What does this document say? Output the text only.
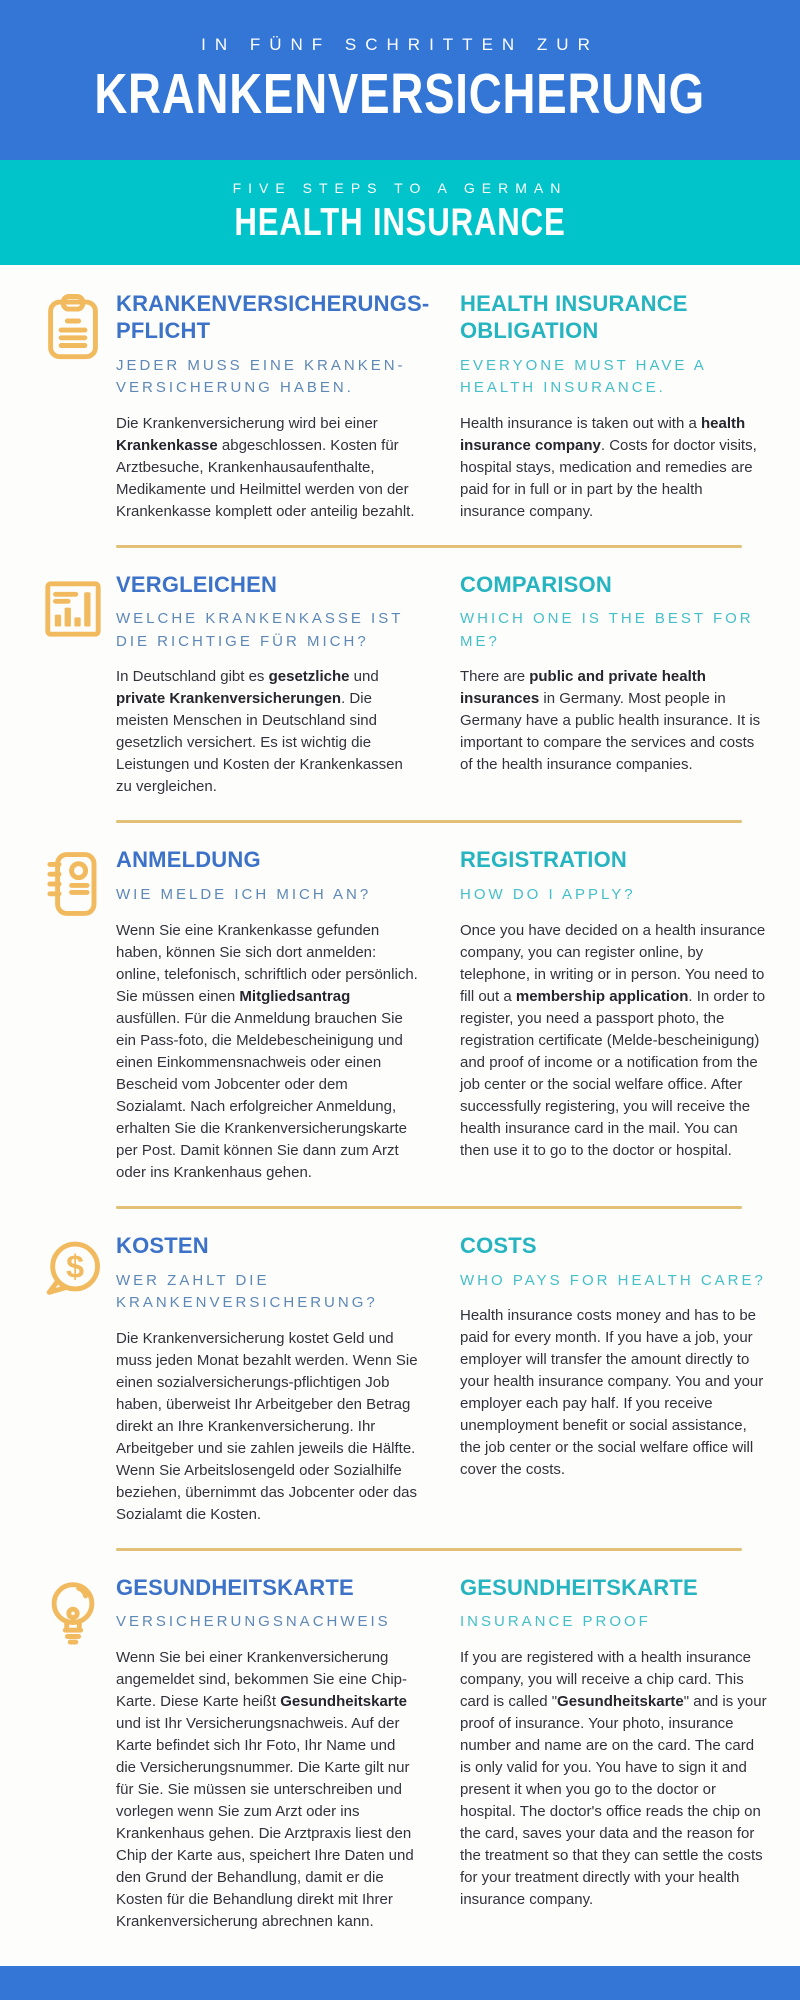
IN FÜNF SCHRITTEN ZUR
KRANKENVERSICHERUNG
FIVE STEPS TO A GERMAN
HEALTH INSURANCE
KRANKENVERSICHERUNGS-PFLICHT
JEDER MUSS EINE KRANKEN-VERSICHERUNG HABEN.

Die Krankenversicherung wird bei einer Krankenkasse abgeschlossen. Kosten für Arztbesuche, Krankenhausaufenthalte, Medikamente und Heilmittel werden von der Krankenkasse komplett oder anteilig bezahlt.

HEALTH INSURANCE OBLIGATION
EVERYONE MUST HAVE A HEALTH INSURANCE.

Health insurance is taken out with a health insurance company. Costs for doctor visits, hospital stays, medication and remedies are paid for in full or in part by the health insurance company.

VERGLEICHEN
WELCHE KRANKENKASSE IST DIE RICHTIGE FÜR MICH?

In Deutschland gibt es gesetzliche und private Krankenversicherungen. Die meisten Menschen in Deutschland sind gesetzlich versichert. Es ist wichtig die Leistungen und Kosten der Krankenkassen zu vergleichen.

COMPARISON
WHICH ONE IS THE BEST FOR ME?

There are public and private health insurances in Germany. Most people in Germany have a public health insurance. It is important to compare the services and costs of the health insurance companies.

ANMELDUNG
WIE MELDE ICH MICH AN?

Wenn Sie eine Krankenkasse gefunden haben, können Sie sich dort anmelden: online, telefonisch, schriftlich oder persönlich. Sie müssen einen Mitgliedsantrag ausfüllen. Für die Anmeldung brauchen Sie ein Pass-foto, die Meldebescheinigung und einen Einkommensnachweis oder einen Bescheid vom Jobcenter oder dem Sozialamt. Nach erfolgreicher Anmeldung, erhalten Sie die Krankenversicherungskarte per Post. Damit können Sie dann zum Arzt oder ins Krankenhaus gehen.

REGISTRATION
HOW DO I APPLY?

Once you have decided on a health insurance company, you can register online, by telephone, in writing or in person. You need to fill out a membership application. In order to register, you need a passport photo, the registration certificate (Melde-bescheinigung) and proof of income or a notification from the job center or the social welfare office. After successfully registering, you will receive the health insurance card in the mail. You can then use it to go to the doctor or hospital.

$
KOSTEN
WER ZAHLT DIE KRANKENVERSICHERUNG?

Die Krankenversicherung kostet Geld und muss jeden Monat bezahlt werden. Wenn Sie einen sozialversicherungs-pflichtigen Job haben, überweist Ihr Arbeitgeber den Betrag direkt an Ihre Krankenversicherung. Ihr Arbeitgeber und sie zahlen jeweils die Hälfte. Wenn Sie Arbeitslosengeld oder Sozialhilfe beziehen, übernimmt das Jobcenter oder das Sozialamt die Kosten.

COSTS
WHO PAYS FOR HEALTH CARE?

Health insurance costs money and has to be paid for every month. If you have a job, your employer will transfer the amount directly to your health insurance company. You and your employer each pay half. If you receive unemployment benefit or social assistance, the job center or the social welfare office will cover the costs.

GESUNDHEITSKARTE
VERSICHERUNGSNACHWEIS

Wenn Sie bei einer Krankenversicherung angemeldet sind, bekommen Sie eine Chip-Karte. Diese Karte heißt Gesundheitskarte und ist Ihr Versicherungsnachweis. Auf der Karte befindet sich Ihr Foto, Ihr Name und die Versicherungsnummer. Die Karte gilt nur für Sie. Sie müssen sie unterschreiben und vorlegen wenn Sie zum Arzt oder ins Krankenhaus gehen. Die Arztpraxis liest den Chip der Karte aus, speichert Ihre Daten und den Grund der Behandlung, damit er die Kosten für die Behandlung direkt mit Ihrer Krankenversicherung abrechnen kann.

GESUNDHEITSKARTE
INSURANCE PROOF

If you are registered with a health insurance company, you will receive a chip card. This card is called "Gesundheitskarte" and is your proof of insurance. Your photo, insurance number and name are on the card. The card is only valid for you. You have to sign it and present it when you go to the doctor or hospital. The doctor's office reads the chip on the card, saves your data and the reason for the treatment so that they can settle the costs for your treatment directly with your health insurance company.
